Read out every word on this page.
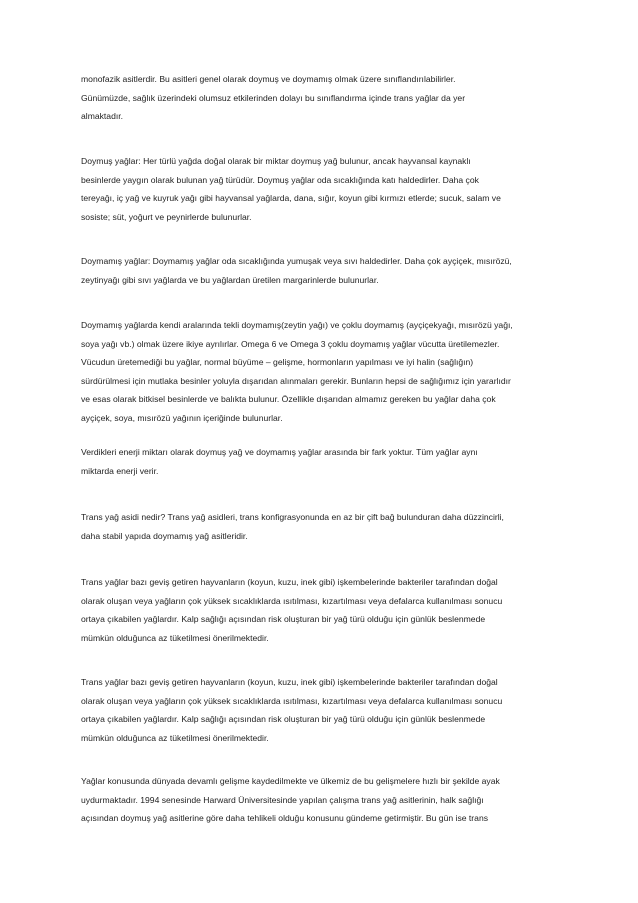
monofazik asitlerdir. Bu asitleri genel olarak doymuş ve doymamış olmak üzere sınıflandırılabilirler.
Günümüzde, sağlık üzerindeki olumsuz etkilerinden dolayı bu sınıflandırma içinde trans yağlar da yer
almaktadır.
Doymuş yağlar: Her türlü yağda doğal olarak bir miktar doymuş yağ bulunur, ancak hayvansal kaynaklı
besinlerde yaygın olarak bulunan yağ türüdür. Doymuş yağlar oda sıcaklığında katı haldedirler. Daha çok
tereyağı, iç yağ ve kuyruk yağı gibi hayvansal yağlarda, dana, sığır, koyun gibi kırmızı etlerde; sucuk, salam ve
sosiste; süt, yoğurt ve peynirlerde bulunurlar.
Doymamış yağlar: Doymamış yağlar oda sıcaklığında yumuşak veya sıvı haldedirler. Daha çok ayçiçek, mısırözü,
zeytinyağı gibi sıvı yağlarda ve bu yağlardan üretilen margarinlerde bulunurlar.
Doymamış yağlarda kendi aralarında tekli doymamış(zeytin yağı) ve çoklu doymamış (ayçiçekyağı, mısırözü yağı,
soya yağı vb.) olmak üzere ikiye ayrılırlar. Omega 6 ve Omega 3 çoklu doymamış yağlar vücutta üretilemezler.
Vücudun üretemediği bu yağlar, normal büyüme – gelişme, hormonların yapılması ve iyi halin (sağlığın)
sürdürülmesi için mutlaka besinler yoluyla dışarıdan alınmaları gerekir. Bunların hepsi de sağlığımız için yararlıdır
ve esas olarak bitkisel besinlerde ve balıkta bulunur. Özellikle dışarıdan almamız gereken bu yağlar daha çok
ayçiçek, soya, mısırözü yağının içeriğinde bulunurlar.
Verdikleri enerji miktarı olarak doymuş yağ ve doymamış yağlar arasında bir fark yoktur. Tüm yağlar aynı
miktarda enerji verir.
Trans yağ asidi nedir? Trans yağ asidleri, trans konfigrasyonunda en az bir çift bağ bulunduran daha düzzincirli,
daha stabil yapıda doymamış yağ asitleridir.
Trans yağlar bazı geviş getiren hayvanların (koyun, kuzu, inek gibi) işkembelerinde bakteriler tarafından doğal
olarak oluşan veya yağların çok yüksek sıcaklıklarda ısıtılması, kızartılması veya defalarca kullanılması sonucu
ortaya çıkabilen yağlardır. Kalp sağlığı açısından risk oluşturan bir yağ türü olduğu için günlük beslenmede
mümkün olduğunca az tüketilmesi önerilmektedir.
Trans yağlar bazı geviş getiren hayvanların (koyun, kuzu, inek gibi) işkembelerinde bakteriler tarafından doğal
olarak oluşan veya yağların çok yüksek sıcaklıklarda ısıtılması, kızartılması veya defalarca kullanılması sonucu
ortaya çıkabilen yağlardır. Kalp sağlığı açısından risk oluşturan bir yağ türü olduğu için günlük beslenmede
mümkün olduğunca az tüketilmesi önerilmektedir.
Yağlar konusunda dünyada devamlı gelişme kaydedilmekte ve ülkemiz de bu gelişmelere hızlı bir şekilde ayak
uydurmaktadır. 1994 senesinde Harward Üniversitesinde yapılan çalışma trans yağ asitlerinin, halk sağlığı
açısından doymuş yağ asitlerine göre daha tehlikeli olduğu konusunu gündeme getirmiştir. Bu gün ise trans
